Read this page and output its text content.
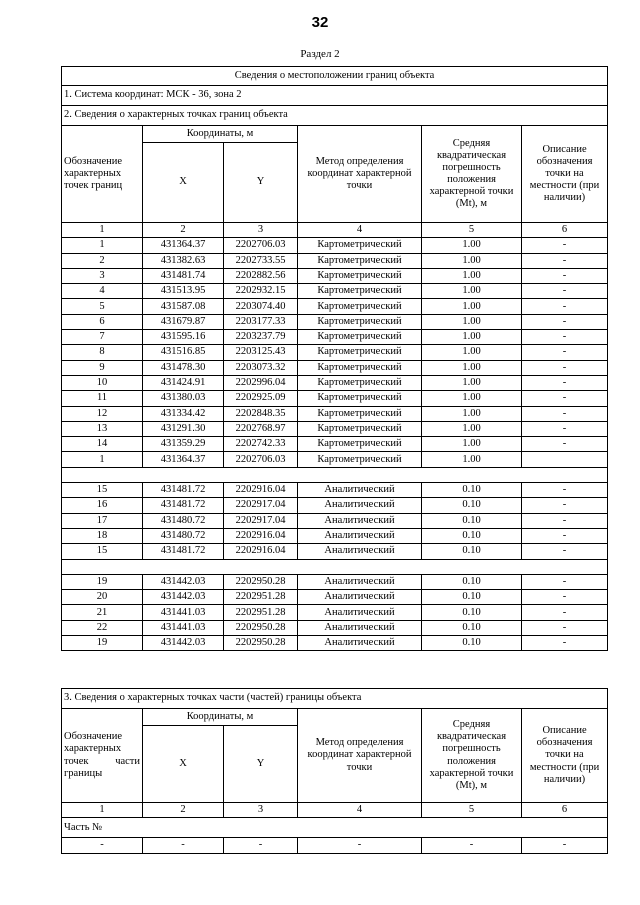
32
Раздел 2
Сведения о местоположении границ объекта					
1. Система координат: МСК - 36, зона 2					
2. Сведения о характерных точках границ объекта					
Обозначение характерных точек границ	Координаты, м		Метод определения координат характерной точки	Средняя квадратическая погрешность положения характерной точки (Mt), м	Описание обозначения точки на местности (при наличии)
	X	Y			
1	2	3	4	5	6
1	431364.37	2202706.03	Картометрический	1.00	-
2	431382.63	2202733.55	Картометрический	1.00	-
3	431481.74	2202882.56	Картометрический	1.00	-
4	431513.95	2202932.15	Картометрический	1.00	-
5	431587.08	2203074.40	Картометрический	1.00	-
6	431679.87	2203177.33	Картометрический	1.00	-
7	431595.16	2203237.79	Картометрический	1.00	-
8	431516.85	2203125.43	Картометрический	1.00	-
9	431478.30	2203073.32	Картометрический	1.00	-
10	431424.91	2202996.04	Картометрический	1.00	-
11	431380.03	2202925.09	Картометрический	1.00	-
12	431334.42	2202848.35	Картометрический	1.00	-
13	431291.30	2202768.97	Картометрический	1.00	-
14	431359.29	2202742.33	Картометрический	1.00	-
1	431364.37	2202706.03	Картометрический	1.00	

15	431481.72	2202916.04	Аналитический	0.10	-
16	431481.72	2202917.04	Аналитический	0.10	-
17	431480.72	2202917.04	Аналитический	0.10	-
18	431480.72	2202916.04	Аналитический	0.10	-
15	431481.72	2202916.04	Аналитический	0.10	-

19	431442.03	2202950.28	Аналитический	0.10	-
20	431442.03	2202951.28	Аналитический	0.10	-
21	431441.03	2202951.28	Аналитический	0.10	-
22	431441.03	2202950.28	Аналитический	0.10	-
19	431442.03	2202950.28	Аналитический	0.10	-
3. Сведения о характерных точках части (частей) границы объекта					
Обозначение характерных точек части границы	Координаты, м		Метод определения координат характерной точки	Средняя квадратическая погрешность положения характерной точки (Mt), м	Описание обозначения точки на местности (при наличии)
	X	Y			
1	2	3	4	5	6
Часть №					
-	-	-	-	-	-
